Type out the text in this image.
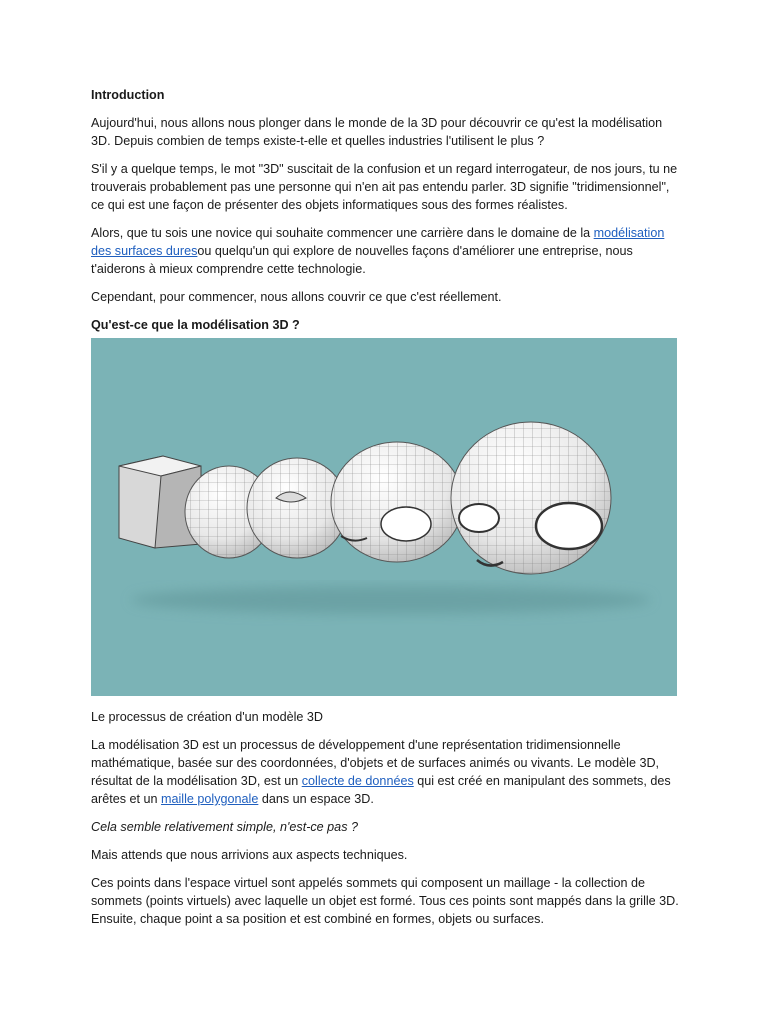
Introduction

Aujourd'hui, nous allons nous plonger dans le monde de la 3D pour découvrir ce qu'est la modélisation 3D. Depuis combien de temps existe-t-elle et quelles industries l'utilisent le plus ?

S'il y a quelque temps, le mot "3D" suscitait de la confusion et un regard interrogateur, de nos jours, tu ne trouverais probablement pas une personne qui n'en ait pas entendu parler. 3D signifie "tridimensionnel", ce qui est une façon de présenter des objets informatiques sous des formes réalistes.

Alors, que tu sois une novice qui souhaite commencer une carrière dans le domaine de la modélisation des surfaces duresou quelqu'un qui explore de nouvelles façons d'améliorer une entreprise, nous t'aiderons à mieux comprendre cette technologie.

Cependant, pour commencer, nous allons couvrir ce que c'est réellement.

Qu'est-ce que la modélisation 3D ?

Le processus de création d'un modèle 3D

La modélisation 3D est un processus de développement d'une représentation tridimensionnelle mathématique, basée sur des coordonnées, d'objets et de surfaces animés ou vivants. Le modèle 3D, résultat de la modélisation 3D, est un collecte de données qui est créé en manipulant des sommets, des arêtes et un maille polygonale dans un espace 3D.

Cela semble relativement simple, n'est-ce pas ?

Mais attends que nous arrivions aux aspects techniques.

Ces points dans l'espace virtuel sont appelés sommets qui composent un maillage - la collection de sommets (points virtuels) avec laquelle un objet est formé. Tous ces points sont mappés dans la grille 3D. Ensuite, chaque point a sa position et est combiné en formes, objets ou surfaces.
